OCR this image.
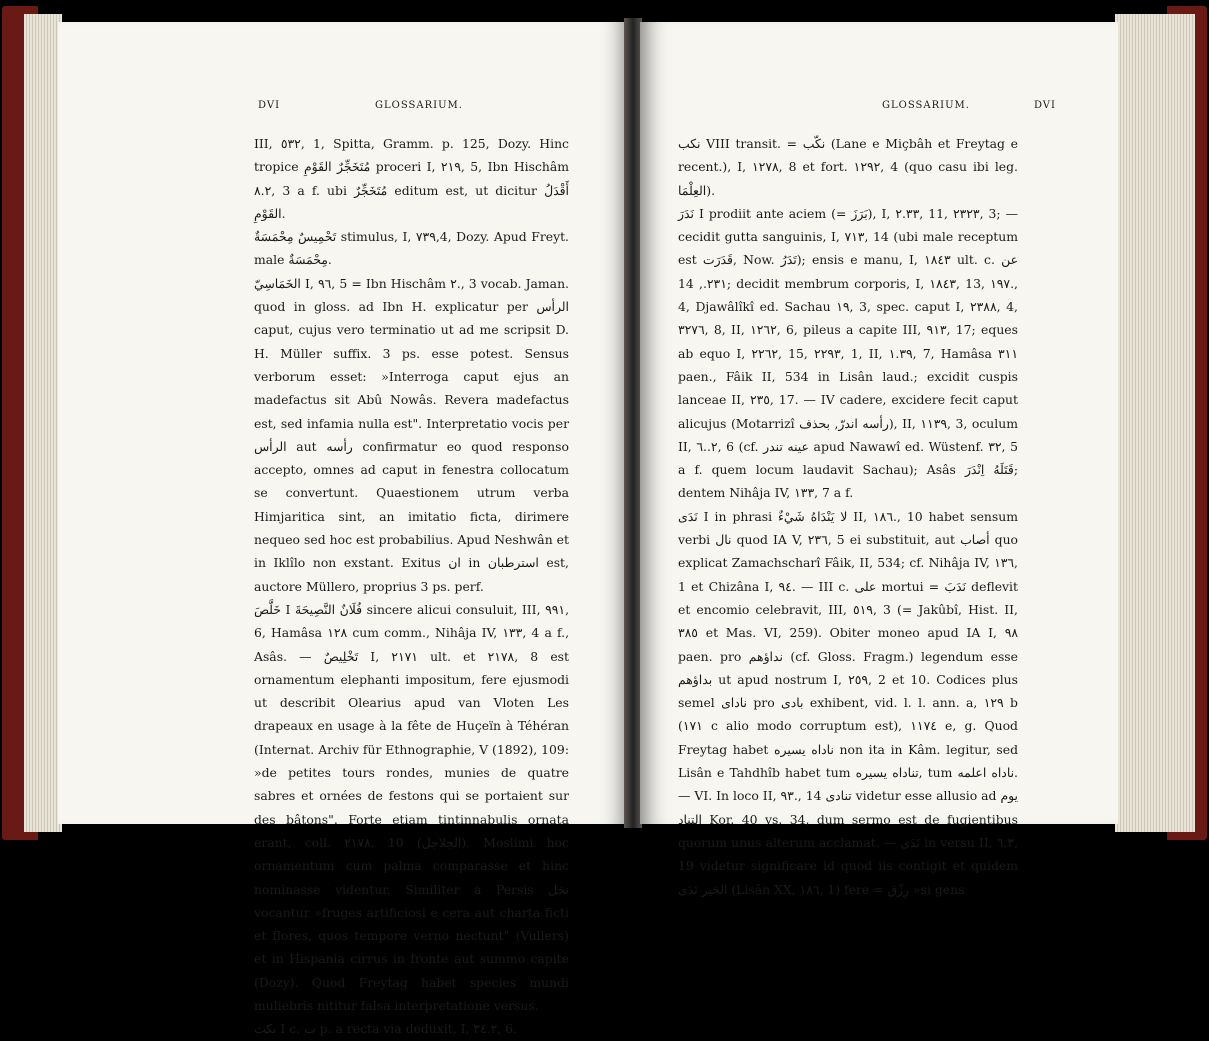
DVI	GLOSSARIUM.

III, ٥٣٢, 1, Spitta, Gramm. p. 125, Dozy. Hinc tropice مُتَخَجِّرٌ القَوْمِ proceri I, ٢١٩, 5, Ibn Hischâm ٨.٢, 3 a f. ubi مُتَخَجِّرٌ editum est, ut dicitur أَقْدَلُ القَوْمِ.

تَحْمِيسٌ مِحْمَسَةٌ stimulus, I, ٧٣٩,4, Dozy. Apud Freyt. male مِحْمَسَةٌ.

الخَمَاسِيّ I, ٩٦, 5 = Ibn Hischâm ٢., 3 vocab. Jaman. quod in gloss. ad Ibn H. explicatur per الرأس caput, cujus vero terminatio ut ad me scripsit D. H. Müller suffix. 3 ps. esse potest. Sensus verborum esset: »Interroga caput ejus an madefactus sit Abû Nowâs. Revera madefactus est, sed infamia nulla est". Interpretatio vocis per الرأس aut رأسه confirmatur eo quod responso accepto, omnes ad caput in fenestra collocatum se convertunt. Quaestionem utrum verba Himjaritica sint, an imitatio ficta, dirimere nequeo sed hoc est probabilius. Apud Neshwân et in Iklîlo non exstant. Exitus ان in استرطبان est, auctore Müllero, proprius 3 ps. perf.

خَلَّصَ I فُلَانٌ النَّصِيحَةَ sincere alicui consuluit, III, ٩٩١, 6, Hamâsa ١٢٨ cum comm., Nihâja IV, ١٣٣, 4 a f., Asâs. — تَخْلِيصٌ I, ٢١٧١ ult. et ٢١٧٨, 8 est ornamentum elephanti impositum, fere ejusmodi ut describit Olearius apud van Vloten Les drapeaux en usage à la fête de Huçeïn à Téhéran (Internat. Archiv für Ethnographie, V (1892), 109: »de petites tours rondes, munies de quatre sabres et ornées de festons qui se portaient sur des bâtons". Forte etiam tintinnabulis ornata erant, coll. ٢١٧٨, 10 (الجلاجل). Moslimi hoc ornamentum cum palma comparasse et hinc nominasse videntur. Similiter a Persis نخل vocantur »fruges artificiosi e cera aut charta ficti et flores, quos tempore verno nectunt" (Vullers) et in Hispania cirrus in fronte aut summo capite (Dozy). Quod Freytag habet species mundi muliebris nititur falsa interpretatione versus.

نكث I c. ب p. a recta via deduxit, I, ٣٤.٢, 6.

GLOSSARIUM.	DVI

نكب VIII transit. = نكّب (Lane e Miçbâh et Freytag e recent.), I, ١٢٧٨, 8 et fort. ١٢٩٢, 4 (quo casu ibi leg. العِلْمَا).

نَدَرَ I prodiit ante aciem (= بَرَزَ), I, ٢.٣٣, 11, ٢٣٢٣, 3; — cecidit gutta sanguinis, I, ٧١٣, 14 (ubi male receptum est قَدَرَت, Now. تَدَرُ); ensis e manu, I, ١٨٤٣ ult. c. عن ٢٣١., 14; decidit membrum corporis, I, ١٨٤٣, 13, ١٩٧., 4, Djawâlîkî ed. Sachau ١٩, 3, spec. caput I, ٢٣٨٨, 4, ٣٢٧٦, 8, II, ١٢٦٢, 6, pileus a capite III, ٩١٣, 17; eques ab equo I, ٢٢٦٢, 15, ٢٢٩٣, 1, II, ١.٣٩, 7, Hamâsa ٣١١ paen., Fâik II, 534 in Lisân laud.; excidit cuspis lanceae II, ٢٣٥, 17. — IV cadere, excidere fecit caput alicujus (Motarrizî رأسه اندرّ, بحذف), II, ١١٣٩, 3, oculum II, ٢..٦, 6 (cf. عينه تندر apud Nawawî ed. Wüstenf. ٣٢, 5 a f. quem locum laudavit Sachau); Asâs قَتَلَهُ اِنْدَرَ; dentem Nihâja IV, ١٣٣, 7 a f.

نَدَى I in phrasi لا يَنْدَاهُ شَيْءٌ II, ١٨٦., 10 habet sensum verbi نال quod IA V, ٢٣٦, 5 ei substituit, aut أصاب quo explicat Zamachscharî Fâik, II, 534; cf. Nihâja IV, ١٣٦, 1 et Chizâna I, ٩٤. — III c. على mortui = نَدَبَ deflevit et encomio celebravit, III, ٥١٩, 3 (= Jakûbî, Hist. II, ٣٨٥ et Mas. VI, 259). Obiter moneo apud IA I, ٩٨ paen. pro نداؤهم (cf. Gloss. Fragm.) legendum esse بداؤهم ut apud nostrum I, ٢٥٩, 2 et 10. Codices plus semel ناداى pro بادى exhibent, vid. l. l. ann. a, ١٢٩ b (١٧١ c alio modo corruptum est), ١١٧٤ e, g. Quod Freytag habet ناداه يسيره non ita in Kâm. legitur, sed Lisân e Tahdhîb habet tum تناداه يسيره, tum ناداه اعلمه. — VI. In loco II, ٩٣., 14 تنادى videtur esse allusio ad يوم التناد Kor. 40 vs. 34, dum sermo est de fugientibus quorum unus alterum acclamat. — نَدَى in versu II, ٦.٣, 19 videtur significare id quod iis contigit et quidem الخير نَدَى (Lisân XX, ١٨٦, 1) fere = رِزْق »si gens
